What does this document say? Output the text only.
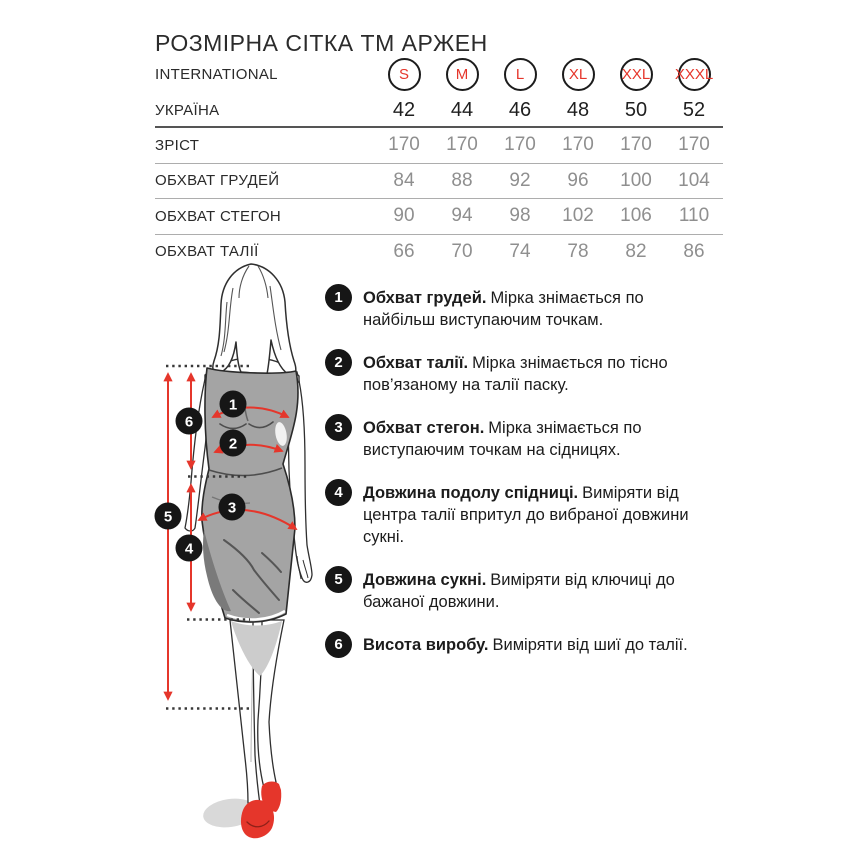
РОЗМІРНА СІТКА ТМ АРЖЕН
INTERNATIONAL	S	M	L	XL XXL XXXL
УКРАЇНА	42	44	46	48	50	52
ЗРІСТ	170	170	170	170	170	170
ОБХВАТ ГРУДЕЙ	84	88	92	96	100	104
ОБХВАТ СТЕГОН	90	94	98	102	106	110
ОБХВАТ ТАЛІЇ	66	70	74	78	82	86
1
2
3
4
5
6
1	Обхват грудей. Мірка знімається по найбільш виступаючим точкам.

2	Обхват талії. Мірка знімається по тісно пов’язаному на талії паску.

3	Обхват стегон. Мірка знімається по виступаючим точкам на сідницях.

4	Довжина подолу спідниці. Виміряти від центра талії впритул до вибраної довжини сукні.

5	Довжина сукні. Виміряти від ключиці до бажаної довжини.

6	Висота виробу. Виміряти від шиї до талії.
